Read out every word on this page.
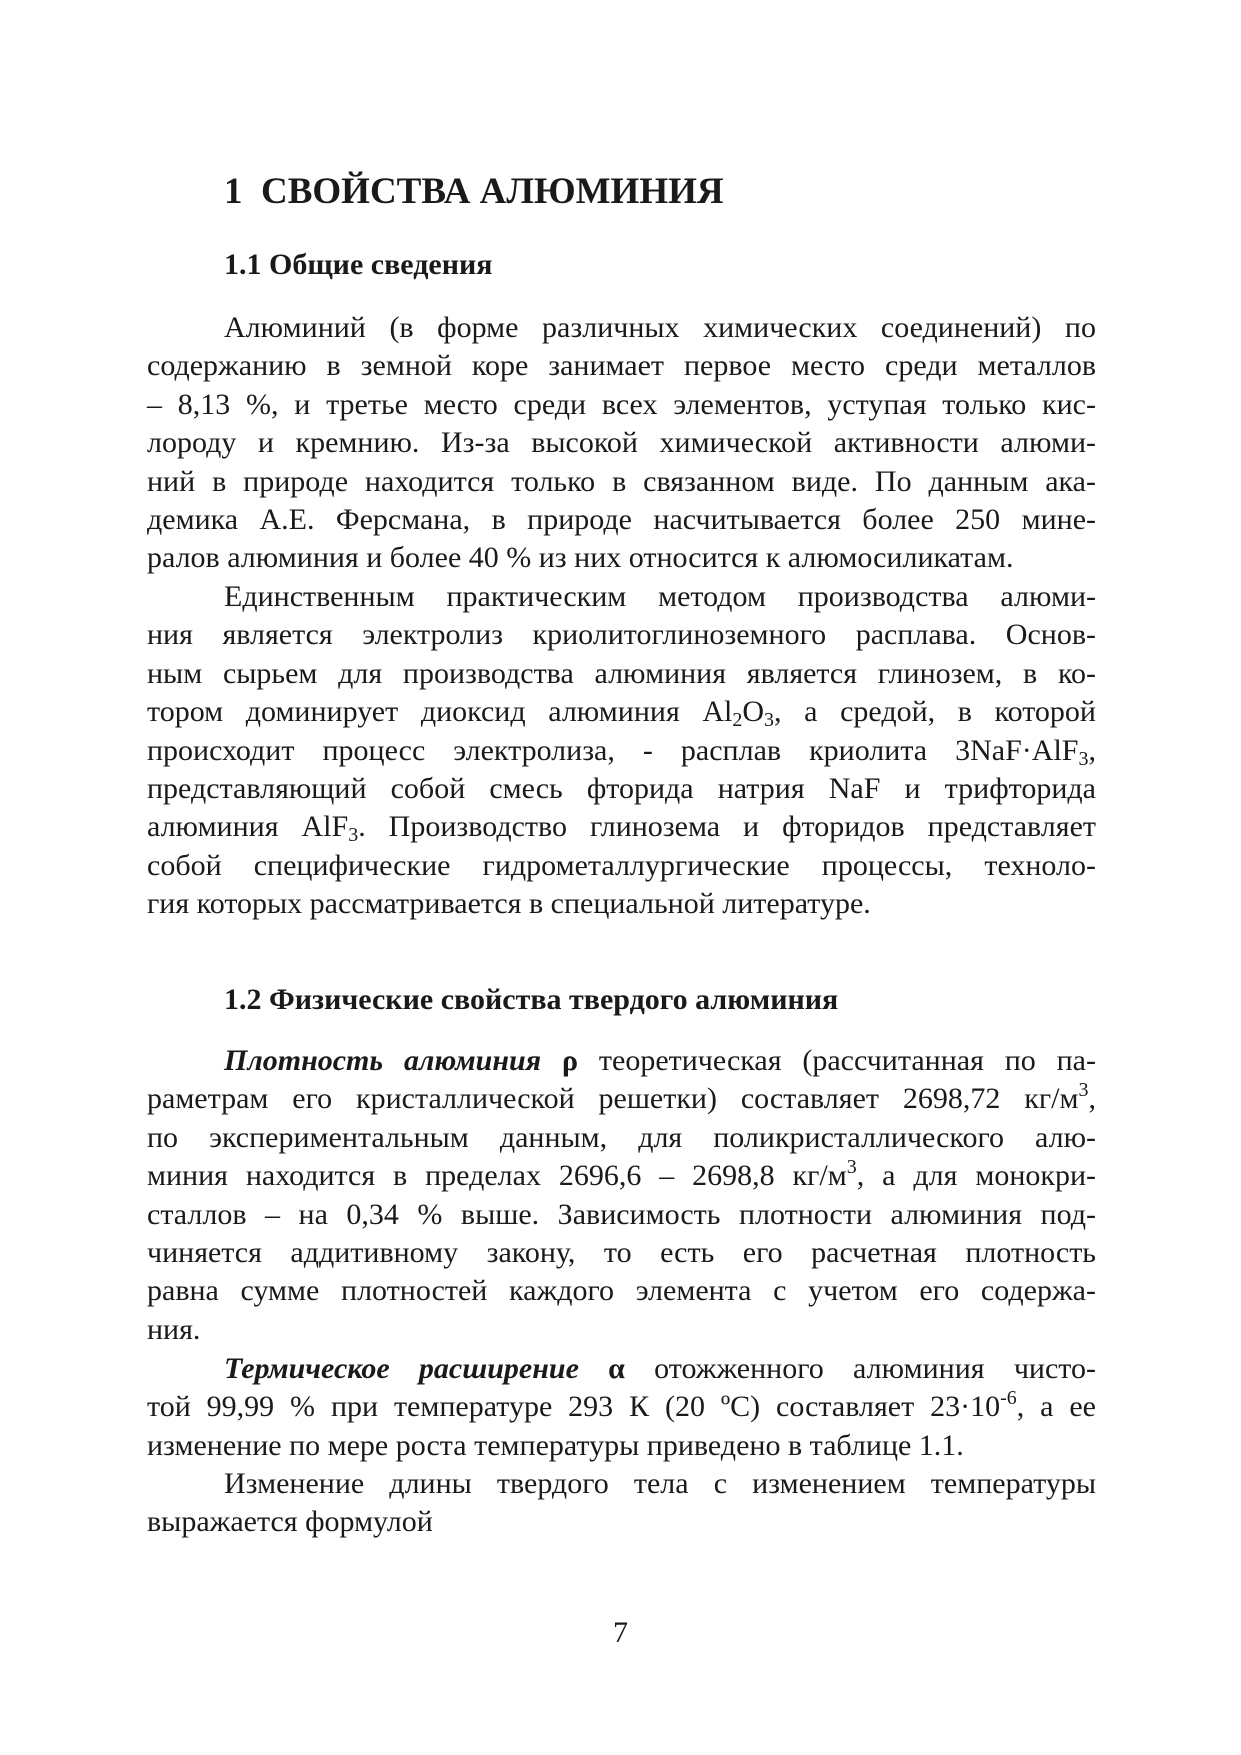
1 СВОЙСТВА АЛЮМИНИЯ
1.1 Общие сведения
Алюминий (в форме различных химических соединений) по
содержанию в земной коре занимает первое место среди металлов
– 8,13 %, и третье место среди всех элементов, уступая только кис-
лороду и кремнию. Из-за высокой химической активности алюми-
ний в природе находится только в связанном виде. По данным ака-
демика А.Е. Ферсмана, в природе насчитывается более 250 мине-
ралов алюминия и более 40 % из них относится к алюмосиликатам.
Единственным практическим методом производства алюми-
ния является электролиз криолитоглиноземного расплава. Основ-
ным сырьем для производства алюминия является глинозем, в ко-
тором доминирует диоксид алюминия $Al_2O_3$, а средой, в которой
происходит процесс электролиза, - расплав криолита 3NaF·AlF$_3$,
представляющий собой смесь фторида натрия NaF и трифторида
алюминия AlF$_3$. Производство глинозема и фторидов представляет
собой специфические гидрометаллургические процессы, техноло-
гия которых рассматривается в специальной литературе.
1.2 Физические свойства твердого алюминия
Плотность алюминия ρ теоретическая (рассчитанная по па-
раметрам его кристаллической решетки) составляет 2698,72 $кг/м^3$,
по экспериментальным данным, для поликристаллического алю-
миния находится в пределах 2696,6 – 2698,8 $кг/м^3$, а для монокри-
сталлов – на 0,34 % выше. Зависимость плотности алюминия под-
чиняется аддитивному закону, то есть его расчетная плотность
равна сумме плотностей каждого элемента с учетом его содержа-
ния.
Термическое расширение α отожженного алюминия чисто-
той 99,99 % при температуре 293 К (20 ºС) составляет $23\cdot 10^{-6}$, а ее
изменение по мере роста температуры приведено в таблице 1.1.
Изменение длины твердого тела с изменением температуры
выражается формулой
7
